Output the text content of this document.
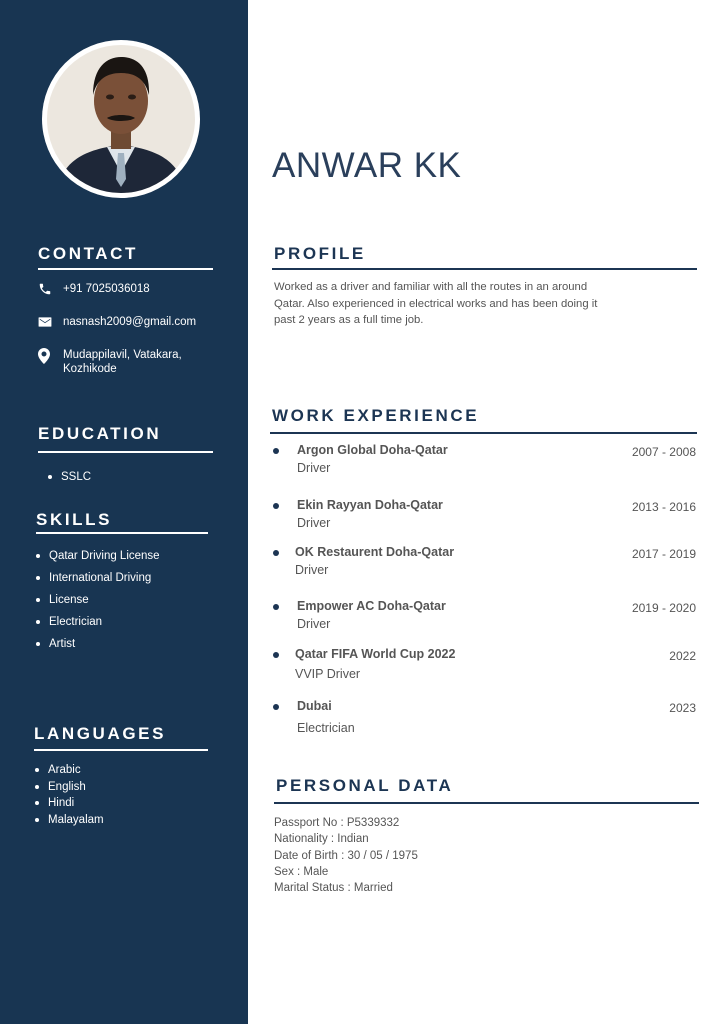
CONTACT
+91 7025036018
nasnash2009@gmail.com
Mudappilavil, Vatakara,
Kozhikode
EDUCATION
SSLC
SKILLS
Qatar Driving License
International Driving
License
Electrician
Artist
LANGUAGES
Arabic
English
Hindi
Malayalam
ANWAR KK
PROFILE
Worked as a driver and familiar with all the routes in an around
Qatar. Also experienced in electrical works and has been doing it
past 2 years as a full time job.
WORK EXPERIENCE
Argon Global Doha-Qatar
Driver
2007 - 2008
Ekin Rayyan Doha-Qatar
Driver
2013 - 2016
OK Restaurent Doha-Qatar
Driver
2017 - 2019
Empower AC Doha-Qatar
Driver
2019 - 2020
Qatar FIFA World Cup 2022
VVIP Driver
2022
Dubai
Electrician
2023
PERSONAL DATA
Passport No : P5339332
Nationality : Indian
Date of Birth : 30 / 05 / 1975
Sex : Male
Marital Status : Married
